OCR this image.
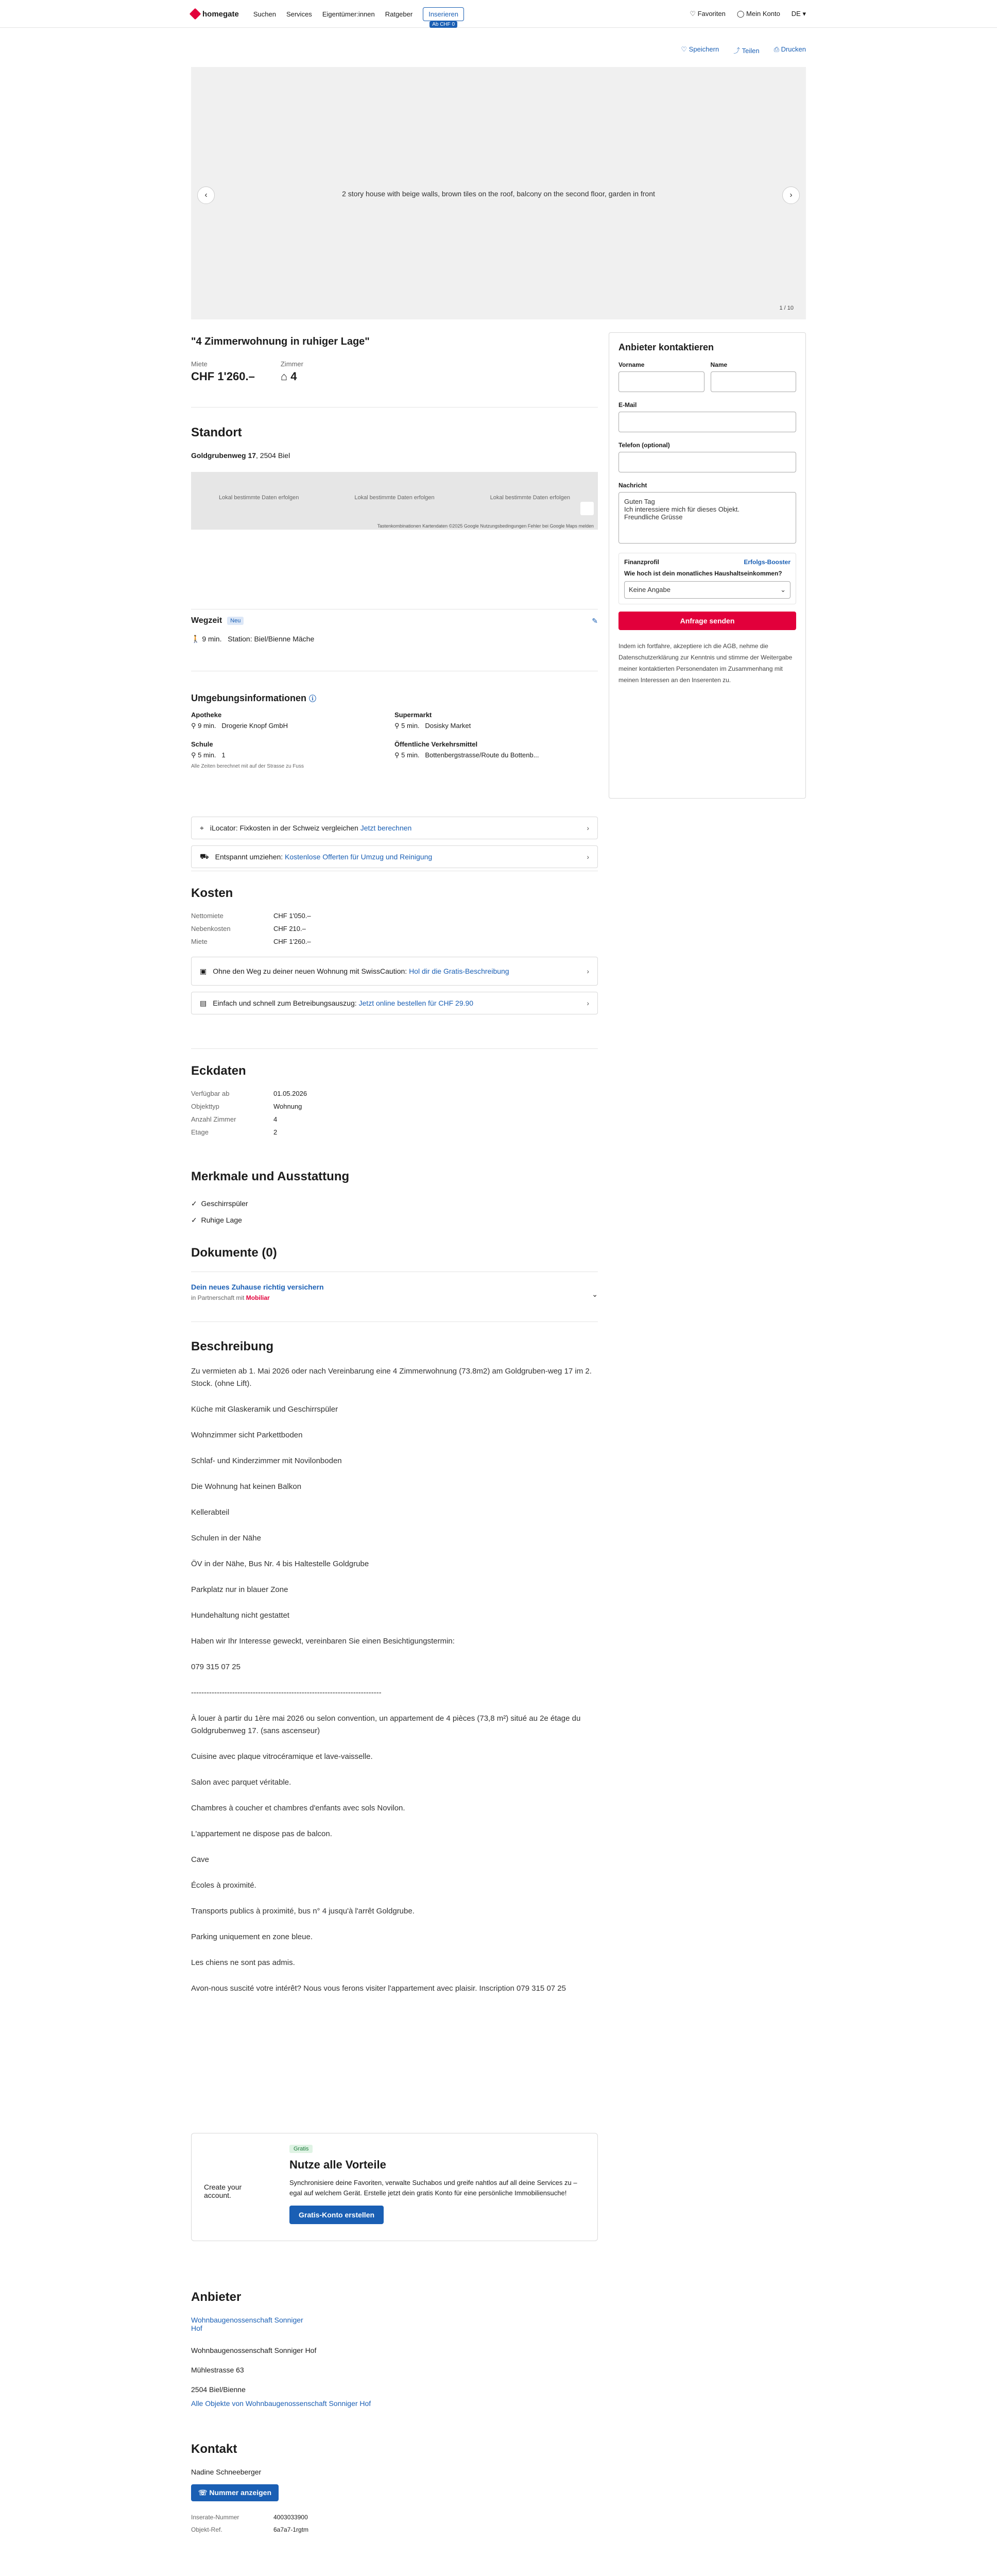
homegate Suchen Services Eigentümer:innen Ratgeber	Inserieren
Ab CHF 0
♡ Favoriten ◯ Mein Konto DE ▾
♡ Speichern ⤴ Teilen ⎙ Drucken
‹	2 story house with beige walls, brown tiles on the roof, balcony on the second floor, garden in front	›
1 / 10
"4 Zimmerwohnung in ruhiger Lage"
Miete
CHF 1'260.–
Zimmer
⌂ 4
Standort
Goldgrubenweg 17, 2504 Biel
Lokal bestimmte Daten erfolgen	Lokal bestimmte Daten erfolgen	Lokal bestimmte Daten erfolgen
Tastenkombinationen Kartendaten ©2025 Google Nutzungsbedingungen Fehler bei Google Maps melden
Wegzeit	Neu	✎
🚶 9 min. Station: Biel/Bienne Mäche
Umgebungsinformationen ⓘ
Apotheke
⚲ 9 min. Drogerie Knopf GmbH
Supermarkt
⚲ 5 min. Dosisky Market
Schule
⚲ 5 min. 1
Öffentliche Verkehrsmittel
⚲ 5 min. Bottenbergstrasse/Route du Bottenb...
Alle Zeiten berechnet mit auf der Strasse zu Fuss
⌖ iLocator: Fixkosten in der Schweiz vergleichen Jetzt berechnen	›
⛟ Entspannt umziehen: Kostenlose Offerten für Umzug und Reinigung	›
Kosten
Nettomiete	CHF 1'050.–
Nebenkosten	CHF 210.–
Miete	CHF 1'260.–
▣ Ohne den Weg zu deiner neuen Wohnung mit SwissCaution: Hol dir die Gratis-Beschreibung	›
▤ Einfach und schnell zum Betreibungsauszug: Jetzt online bestellen für CHF 29.90	›
Eckdaten
Verfügbar ab	01.05.2026
Objekttyp	Wohnung
Anzahl Zimmer	4
Etage	2
Merkmale und Ausstattung
✓ Geschirrspüler
✓ Ruhige Lage
Dokumente (0)
Dein neues Zuhause richtig versichern
in Partnerschaft mit Mobiliar	⌄
Beschreibung

Zu vermieten ab 1. Mai 2026 oder nach Vereinbarung eine 4 Zimmerwohnung (73.8m2) am Goldgruben-weg 17 im 2. Stock. (ohne Lift).

Küche mit Glaskeramik und Geschirrspüler

Wohnzimmer sicht Parkettboden

Schlaf- und Kinderzimmer mit Novilonboden

Die Wohnung hat keinen Balkon

Kellerabteil

Schulen in der Nähe

ÖV in der Nähe, Bus Nr. 4 bis Haltestelle Goldgrube

Parkplatz nur in blauer Zone

Hundehaltung nicht gestattet

Haben wir Ihr Interesse geweckt, vereinbaren Sie einen Besichtigungstermin:

079 315 07 25

--------------------------------------------------------------------------

À louer à partir du 1ère mai 2026 ou selon convention, un appartement de 4 pièces (73,8 m²) situé au 2e étage du Goldgrubenweg 17. (sans ascenseur)

Cuisine avec plaque vitrocéramique et lave-vaisselle.

Salon avec parquet véritable.

Chambres à coucher et chambres d'enfants avec sols Novilon.

L'appartement ne dispose pas de balcon.

Cave

Écoles à proximité.

Transports publics à proximité, bus n° 4 jusqu'à l'arrêt Goldgrube.

Parking uniquement en zone bleue.

Les chiens ne sont pas admis.

Avon-nous suscité votre intérêt? Nous vous ferons visiter l'appartement avec plaisir. Inscription 079 315 07 25

Create your account.
Gratis
Nutze alle Vorteile
Synchronisiere deine Favoriten, verwalte Suchabos und greife nahtlos auf all deine Services zu – egal auf welchem Gerät. Erstelle jetzt dein gratis Konto für eine persönliche Immobiliensuche!
Gratis-Konto erstellen
Anbieter
Wohnbaugenossenschaft Sonniger Hof
Wohnbaugenossenschaft Sonniger Hof
Mühlestrasse 63
2504 Biel/Bienne
Alle Objekte von Wohnbaugenossenschaft Sonniger Hof
Kontakt
Nadine Schneeberger
☏ Nummer anzeigen
Inserate-Nummer	4003033900
Objekt-Ref.	6a7a7-1rgtm
Anbieter kontaktieren
Vorname	Name
E-Mail
Telefon (optional)
Nachricht
Guten Tag
Ich interessiere mich für dieses Objekt.
Freundliche Grüsse
Finanzprofil	Erfolgs-Booster
Wie hoch ist dein monatliches Haushaltseinkommen?
Keine Angabe	⌄
Anfrage senden
Indem ich fortfahre, akzeptiere ich die AGB, nehme die Datenschutzerklärung zur Kenntnis und stimme der Weitergabe meiner kontaktierten Personendaten im Zusammenhang mit meinen Interessen an den Inserenten zu.
